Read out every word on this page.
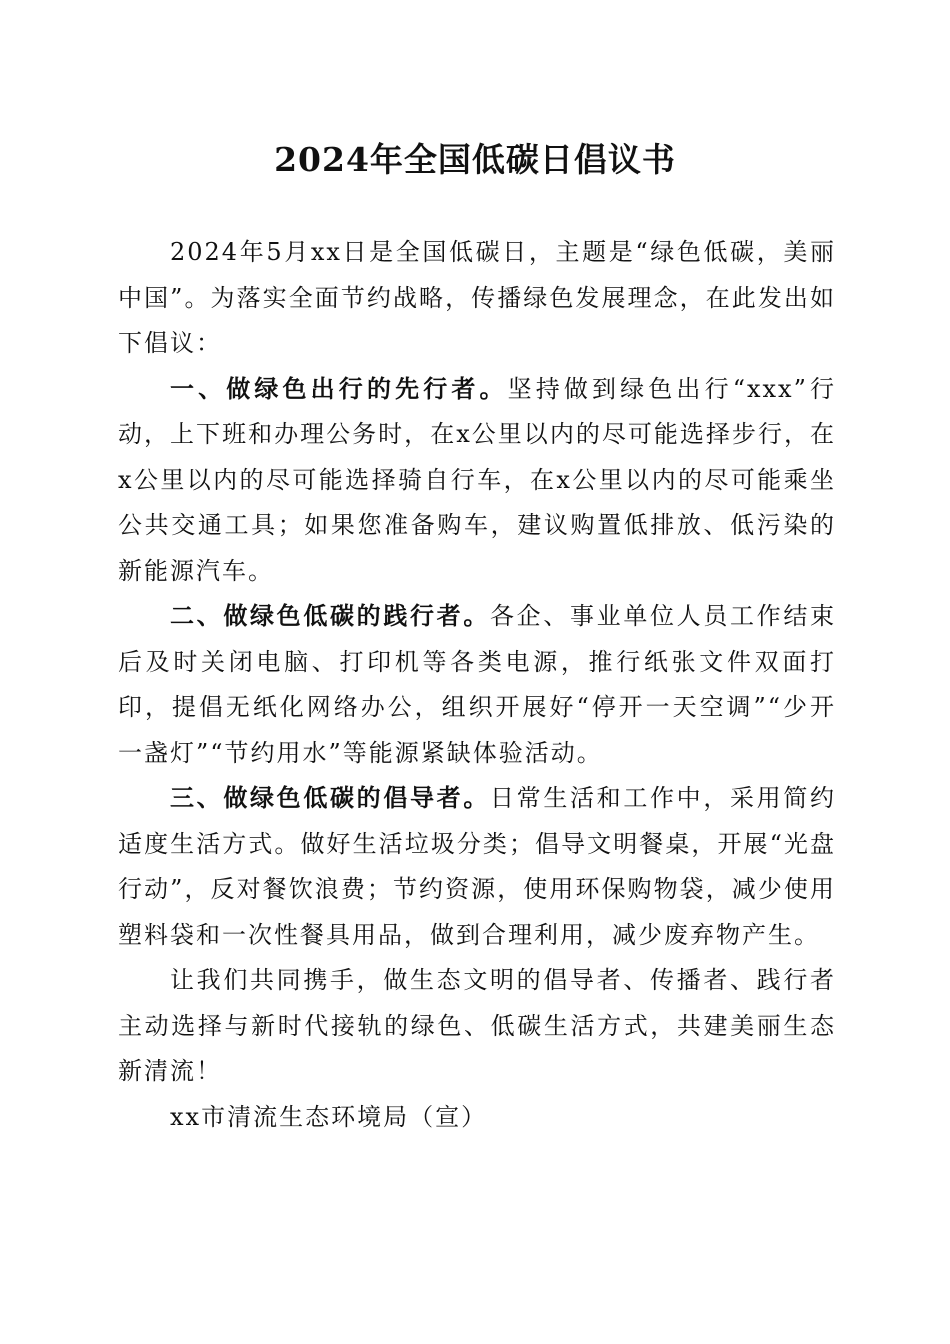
2024年全国低碳日倡议书

2024年5月xx日是全国低碳日，主题是“绿色低碳，美丽中国”。为落实全面节约战略，传播绿色发展理念，在此发出如下倡议：

一、做绿色出行的先行者。坚持做到绿色出行“xxx”行动，上下班和办理公务时，在x公里以内的尽可能选择步行，在x公里以内的尽可能选择骑自行车，在x公里以内的尽可能乘坐公共交通工具；如果您准备购车，建议购置低排放、低污染的新能源汽车。

二、做绿色低碳的践行者。各企、事业单位人员工作结束后及时关闭电脑、打印机等各类电源，推行纸张文件双面打印，提倡无纸化网络办公，组织开展好“停开一天空调”“少开一盏灯”“节约用水”等能源紧缺体验活动。

三、做绿色低碳的倡导者。日常生活和工作中，采用简约适度生活方式。做好生活垃圾分类；倡导文明餐桌，开展“光盘行动”，反对餐饮浪费；节约资源，使用环保购物袋，减少使用塑料袋和一次性餐具用品，做到合理利用，减少废弃物产生。

让我们共同携手，做生态文明的倡导者、传播者、践行者主动选择与新时代接轨的绿色、低碳生活方式，共建美丽生态新清流！

xx市清流生态环境局（宣）
